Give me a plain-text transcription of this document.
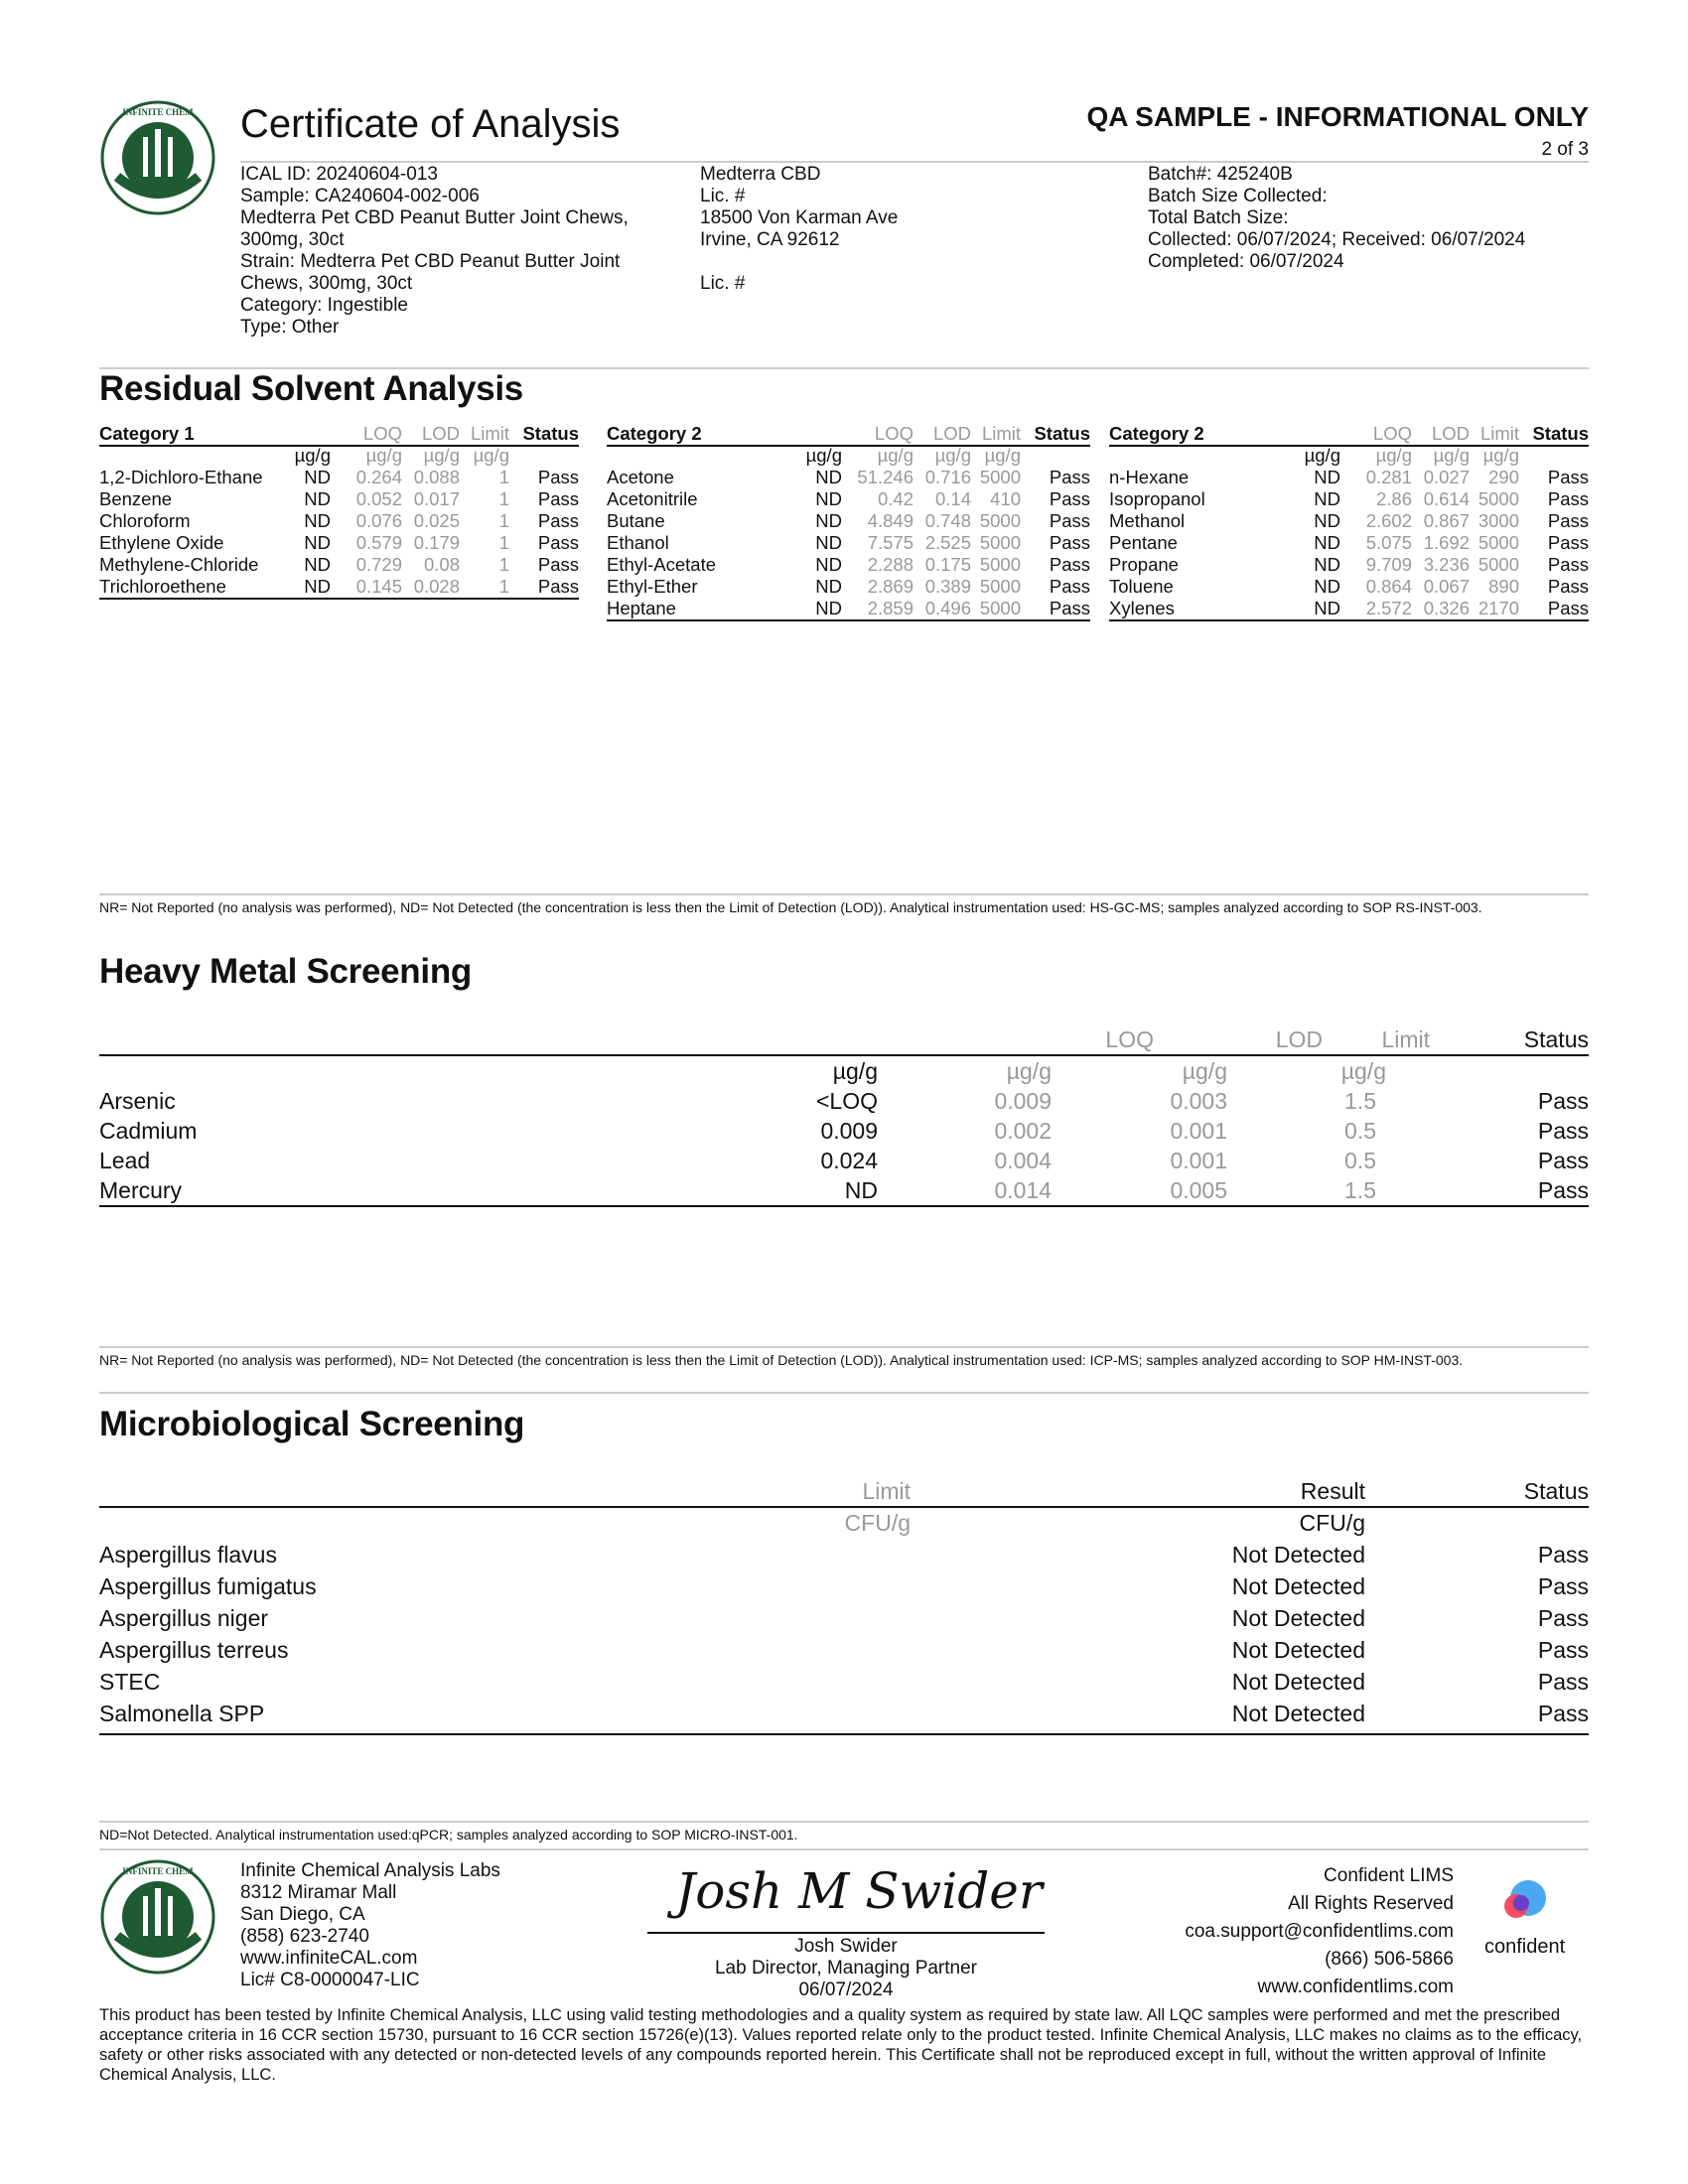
INFINITE CHEM Certificate of Analysis	QA SAMPLE - INFORMATIONAL ONLY
2 of 3
ICAL ID: 20240604-013
Sample: CA240604-002-006
Medterra Pet CBD Peanut Butter Joint Chews,
300mg, 30ct
Strain: Medterra Pet CBD Peanut Butter Joint
Chews, 300mg, 30ct
Category: Ingestible
Type: Other
Medterra CBD
Lic. #
18500 Von Karman Ave
Irvine, CA 92612
Lic. #
Batch#: 425240B
Batch Size Collected:
Total Batch Size:
Collected: 06/07/2024; Received: 06/07/2024
Completed: 06/07/2024
Residual Solvent Analysis
Category 1	LOQ LOD Limit Status
µg/g µg/g µg/g µg/g
1,2-Dichloro-Ethane ND 0.264 0.088 1 Pass
Benzene	ND 0.052 0.017 1 Pass
Chloroform	ND 0.076 0.025 1 Pass
Ethylene Oxide	ND 0.579 0.179 1 Pass
Methylene-Chloride ND 0.729 0.08 1 Pass
Trichloroethene	ND 0.145 0.028 1 Pass
Category 2	LOQ LOD Limit Status
µg/g µg/g µg/g µg/g
Acetone	ND 51.246 0.716 5000 Pass
Acetonitrile	ND 0.42 0.14 410 Pass
Butane	ND 4.849 0.748 5000 Pass
Ethanol	ND 7.575 2.525 5000 Pass
Ethyl-Acetate	ND 2.288 0.175 5000 Pass
Ethyl-Ether	ND 2.869 0.389 5000 Pass
Heptane	ND 2.859 0.496 5000 Pass
Category 2	LOQ LOD Limit Status
µg/g µg/g µg/g µg/g
n-Hexane	ND 0.281 0.027 290 Pass
Isopropanol	ND 2.86 0.614 5000 Pass
Methanol	ND 2.602 0.867 3000 Pass
Pentane	ND 5.075 1.692 5000 Pass
Propane	ND 9.709 3.236 5000 Pass
Toluene	ND 0.864 0.067 890 Pass
Xylenes	ND 2.572 0.326 2170 Pass
NR= Not Reported (no analysis was performed), ND= Not Detected (the concentration is less then the Limit of Detection (LOD)). Analytical instrumentation used: HS-GC-MS; samples analyzed according to SOP RS-INST-003.
Heavy Metal Screening
LOQ	LOD	Limit	Status
µg/g	µg/g	µg/g	µg/g
Arsenic	<LOQ	0.009	0.003	1.5	Pass
Cadmium	0.009	0.002	0.001	0.5	Pass
Lead	0.024	0.004	0.001	0.5	Pass
Mercury	ND	0.014	0.005	1.5	Pass
NR= Not Reported (no analysis was performed), ND= Not Detected (the concentration is less then the Limit of Detection (LOD)). Analytical instrumentation used: ICP-MS; samples analyzed according to SOP HM-INST-003.
Microbiological Screening
Limit	Result	Status
CFU/g	CFU/g
Aspergillus flavus	Not Detected	Pass
Aspergillus fumigatus	Not Detected	Pass
Aspergillus niger	Not Detected	Pass
Aspergillus terreus	Not Detected	Pass
STEC	Not Detected	Pass
Salmonella SPP	Not Detected	Pass
ND=Not Detected. Analytical instrumentation used:qPCR; samples analyzed according to SOP MICRO-INST-001.
INFINITE CHEM Infinite Chemical Analysis Labs
8312 Miramar Mall
San Diego, CA
(858) 623-2740
www.infiniteCAL.com
Lic# C8-0000047-LIC
Josh M Swider
Josh Swider
Lab Director, Managing Partner
06/07/2024
Confident LIMS
All Rights Reserved
coa.support@confidentlims.com
(866) 506-5866
www.confidentlims.com
confident
This product has been tested by Infinite Chemical Analysis, LLC using valid testing methodologies and a quality system as required by state law. All LQC samples were performed and met the prescribed acceptance criteria in 16 CCR section 15730, pursuant to 16 CCR section 15726(e)(13). Values reported relate only to the product tested. Infinite Chemical Analysis, LLC makes no claims as to the efficacy, safety or other risks associated with any detected or non-detected levels of any compounds reported herein. This Certificate shall not be reproduced except in full, without the written approval of Infinite Chemical Analysis, LLC.
